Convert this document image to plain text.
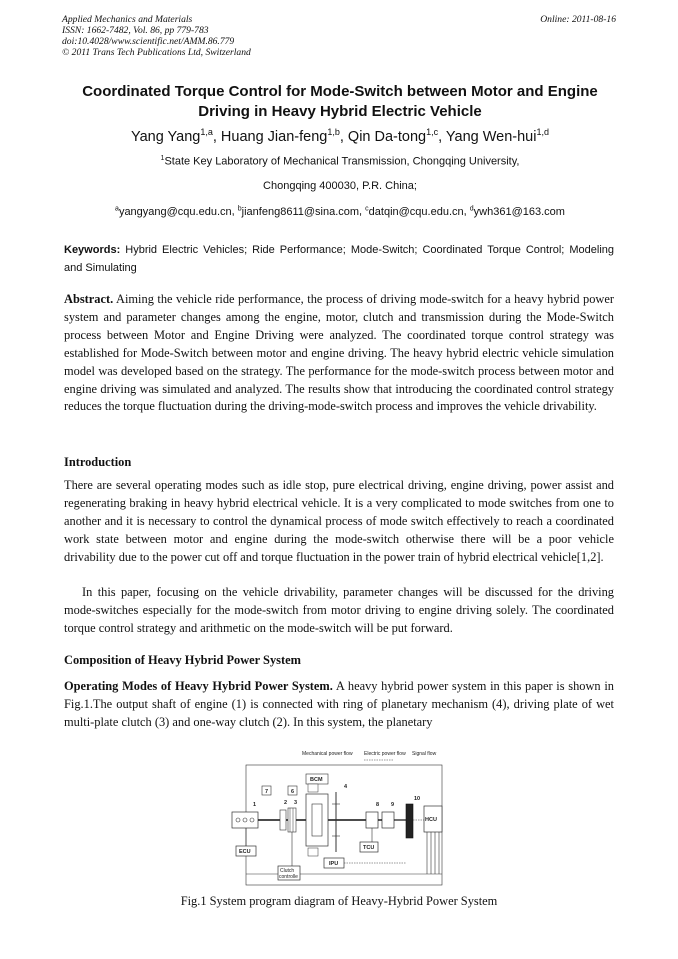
Applied Mechanics and Materials
ISSN: 1662-7482, Vol. 86, pp 779-783
doi:10.4028/www.scientific.net/AMM.86.779
© 2011 Trans Tech Publications Ltd, Switzerland
Online: 2011-08-16
Coordinated Torque Control for Mode-Switch between Motor and Engine
Driving in Heavy Hybrid Electric Vehicle
Yang Yang$^{1,a}$, Huang Jian-feng$^{1,b}$, Qin Da-tong$^{1,c}$, Yang Wen-hui$^{1,d}$
$^1$State Key Laboratory of Mechanical Transmission, Chongqing University,
Chongqing 400030, P.R. China;
$^a$yangyang@cqu.edu.cn, $^b$jianfeng8611@sina.com, $^c$datqin@cqu.edu.cn, $^d$ywh361@163.com
Keywords: Hybrid Electric Vehicles; Ride Performance; Mode-Switch; Coordinated Torque Control; Modeling and Simulating
Abstract. Aiming the vehicle ride performance, the process of driving mode-switch for a heavy hybrid power system and parameter changes among the engine, motor, clutch and transmission during the Mode-Switch process between Motor and Engine Driving were analyzed. The coordinated torque control strategy was established for Mode-Switch between motor and engine driving. The heavy hybrid electric vehicle simulation model was developed based on the strategy. The performance for the mode-switch process between motor and engine driving was simulated and analyzed. The results show that introducing the coordinated control strategy reduces the torque fluctuation during the driving-mode-switch process and improves the vehicle drivability.
Introduction
There are several operating modes such as idle stop, pure electrical driving, engine driving, power assist and regenerating braking in heavy hybrid electrical vehicle. It is a very complicated to mode switches from one to another and it is necessary to control the dynamical process of mode switch effectively to reach a coordinated work state between motor and engine during the mode-switch otherwise there will be a poor vehicle drivability due to the power cut off and torque fluctuation in the power train of hybrid electrical vehicle[1,2].
In this paper, focusing on the vehicle drivability, parameter changes will be discussed for the driving mode-switches especially for the mode-switch from motor driving to engine driving solely. The coordinated torque control strategy and arithmetic on the mode-switch will be put forward.
Composition of Heavy Hybrid Power System
Operating Modes of Heavy Hybrid Power System. A heavy hybrid power system in this paper is shown in Fig.1.The output shaft of engine (1) is connected with ring of planetary mechanism (4), driving plate of wet multi-plate clutch (3) and one-way clutch (2). In this system, the planetary
Mechanical power flow Electric power flow Signal flow
BCM
7	6
1	2 3
4
8 9
10
HCU
ECU
TCU
IPU
Clutch
controlle
Fig.1 System program diagram of Heavy-Hybrid Power System
